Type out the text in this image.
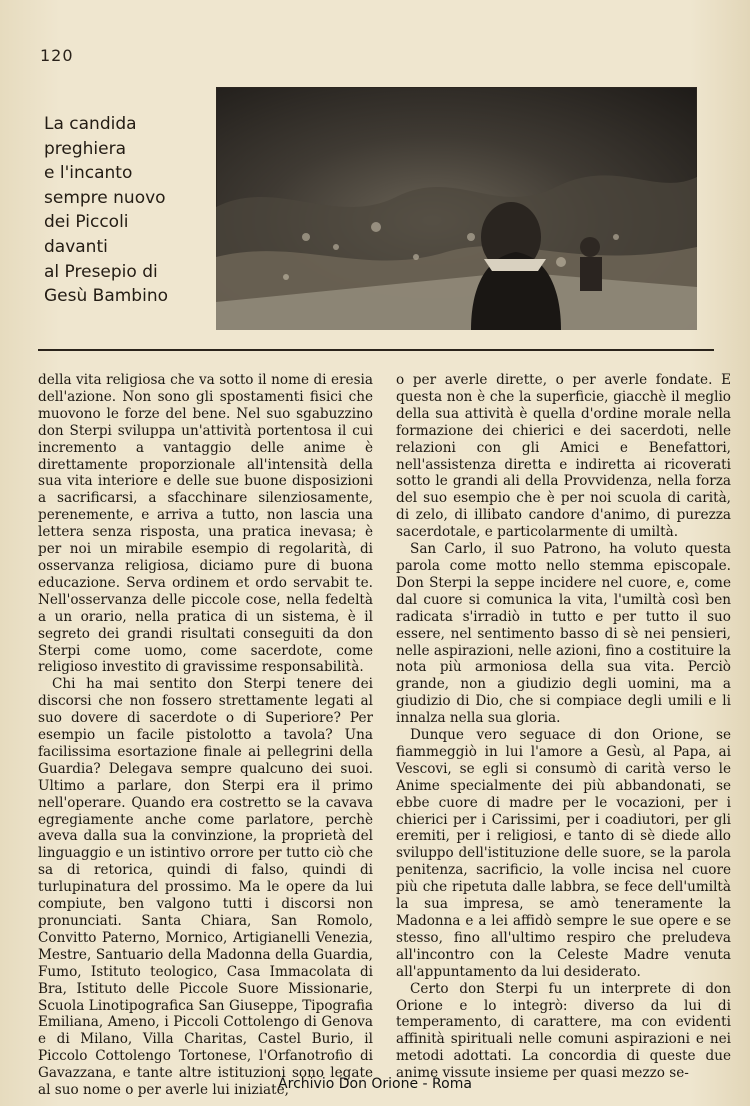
120
La candida
preghiera
e l'incanto
sempre nuovo
dei Piccoli
davanti
al Presepio di
Gesù Bambino

della vita religiosa che va sotto il nome di eresia dell'azione. Non sono gli spostamenti fisici che muovono le forze del bene. Nel suo sgabuzzino don Sterpi sviluppa un'attività portentosa il cui incremento a vantaggio delle anime è direttamente proporzionale all'intensità della sua vita interiore e delle sue buone disposizioni a sacrificarsi, a sfacchinare silenziosamente, perenemente, e arriva a tutto, non lascia una lettera senza risposta, una pratica inevasa; è per noi un mirabile esempio di regolarità, di osservanza religiosa, diciamo pure di buona educazione. Serva ordinem et ordo servabit te. Nell'osservanza delle piccole cose, nella fedeltà a un orario, nella pratica di un sistema, è il segreto dei grandi risultati conseguiti da don Sterpi come uomo, come sacerdote, come religioso investito di gravissime responsabilità.

Chi ha mai sentito don Sterpi tenere dei discorsi che non fossero strettamente legati al suo dovere di sacerdote o di Superiore? Per esempio un facile pistolotto a tavola? Una facilissima esortazione finale ai pellegrini della Guardia? Delegava sempre qualcuno dei suoi. Ultimo a parlare, don Sterpi era il primo nell'operare. Quando era costretto se la cavava egregiamente anche come parlatore, perchè aveva dalla sua la convinzione, la proprietà del linguaggio e un istintivo orrore per tutto ciò che sa di retorica, quindi di falso, quindi di turlupinatura del prossimo. Ma le opere da lui compiute, ben valgono tutti i discorsi non pronunciati. Santa Chiara, San Romolo, Convitto Paterno, Mornico, Artigianelli Venezia, Mestre, Santuario della Madonna della Guardia, Fumo, Istituto teologico, Casa Immacolata di Bra, Istituto delle Piccole Suore Missionarie, Scuola Linotipografica San Giuseppe, Tipografia Emiliana, Ameno, i Piccoli Cottolengo di Genova e di Milano, Villa Charitas, Castel Burio, il Piccolo Cottolengo Tortonese, l'Orfanotrofio di Gavazzana, e tante altre istituzioni sono legate al suo nome o per averle lui iniziate,

o per averle dirette, o per averle fondate. E questa non è che la superficie, giacchè il meglio della sua attività è quella d'ordine morale nella formazione dei chierici e dei sacerdoti, nelle relazioni con gli Amici e Benefattori, nell'assistenza diretta e indiretta ai ricoverati sotto le grandi ali della Provvidenza, nella forza del suo esempio che è per noi scuola di carità, di zelo, di illibato candore d'animo, di purezza sacerdotale, e particolarmente di umiltà.

San Carlo, il suo Patrono, ha voluto questa parola come motto nello stemma episcopale. Don Sterpi la seppe incidere nel cuore, e, come dal cuore si comunica la vita, l'umiltà così ben radicata s'irradiò in tutto e per tutto il suo essere, nel sentimento basso di sè nei pensieri, nelle aspirazioni, nelle azioni, fino a costituire la nota più armoniosa della sua vita. Perciò grande, non a giudizio degli uomini, ma a giudizio di Dio, che si compiace degli umili e li innalza nella sua gloria.

Dunque vero seguace di don Orione, se fiammeggiò in lui l'amore a Gesù, al Papa, ai Vescovi, se egli si consumò di carità verso le Anime specialmente dei più abbandonati, se ebbe cuore di madre per le vocazioni, per i chierici per i Carissimi, per i coadiutori, per gli eremiti, per i religiosi, e tanto di sè diede allo sviluppo dell'istituzione delle suore, se la parola penitenza, sacrificio, la volle incisa nel cuore più che ripetuta dalle labbra, se fece dell'umiltà la sua impresa, se amò teneramente la Madonna e a lei affidò sempre le sue opere e se stesso, fino all'ultimo respiro che preludeva all'incontro con la Celeste Madre venuta all'appuntamento da lui desiderato.

Certo don Sterpi fu un interprete di don Orione e lo integrò: diverso da lui di temperamento, di carattere, ma con evidenti affinità spirituali nelle comuni aspirazioni e nei metodi adottati. La concordia di queste due anime vissute insieme per quasi mezzo se-

Archivio Don Orione - Roma
